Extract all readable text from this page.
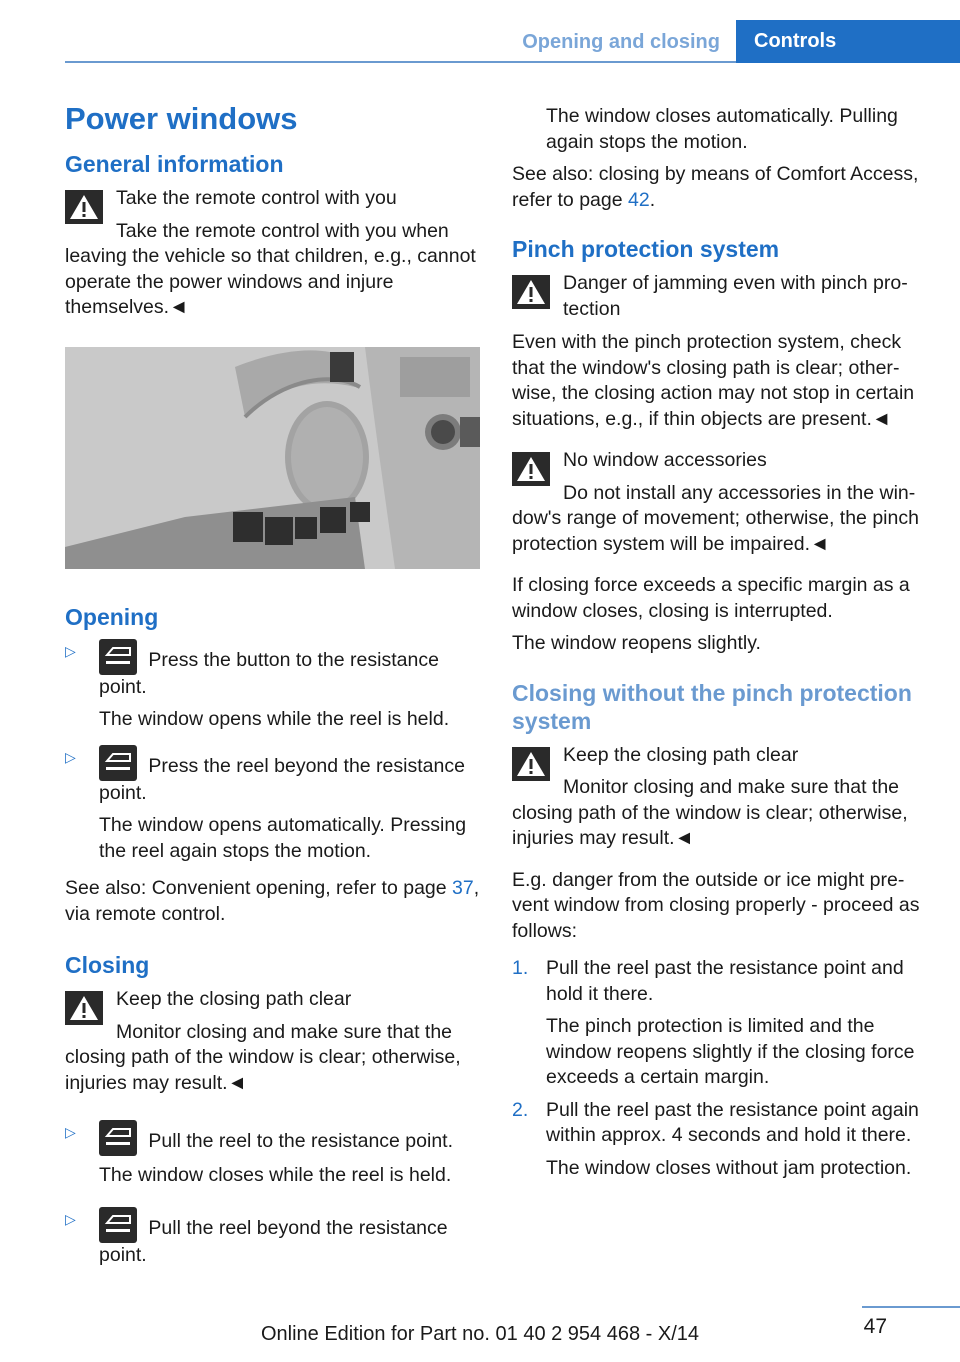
Opening and closing	Controls
Power windows
General information
Take the remote control with you
Take the remote control with you when leaving the vehicle so that children, e.g., cannot operate the power windows and injure themselves.◄
Opening
▷	Press the button to the resistance point.
The window opens while the reel is held.
▷	Press the reel beyond the resistance point.
The window opens automatically. Pressing the reel again stops the motion.

See also: Convenient opening, refer to page 37, via remote control.

Closing
Keep the closing path clear
Monitor closing and make sure that the closing path of the window is clear; otherwise, injuries may result.◄
▷	Pull the reel to the resistance point.
The window closes while the reel is held.
▷	Pull the reel beyond the resistance point.

The window closes automatically. Pulling again stops the motion.

See also: closing by means of Comfort Access, refer to page 42.

Pinch protection system
Danger of jamming even with pinch protection

Even with the pinch protection system, check that the window's closing path is clear; otherwise, the closing action may not stop in certain situations, e.g., if thin objects are present.◄

No window accessories
Do not install any accessories in the window's range of movement; otherwise, the pinch protection system will be impaired.◄

If closing force exceeds a specific margin as a window closes, closing is interrupted.

The window reopens slightly.

Closing without the pinch protection system
Keep the closing path clear
Monitor closing and make sure that the closing path of the window is clear; otherwise, injuries may result.◄

E.g. danger from the outside or ice might prevent window from closing properly - proceed as follows:

1. Pull the reel past the resistance point and hold it there.
The pinch protection is limited and the window reopens slightly if the closing force exceeds a certain margin.
2. Pull the reel past the resistance point again within approx. 4 seconds and hold it there.
The window closes without jam protection.
47
Online Edition for Part no. 01 40 2 954 468 - X/14
